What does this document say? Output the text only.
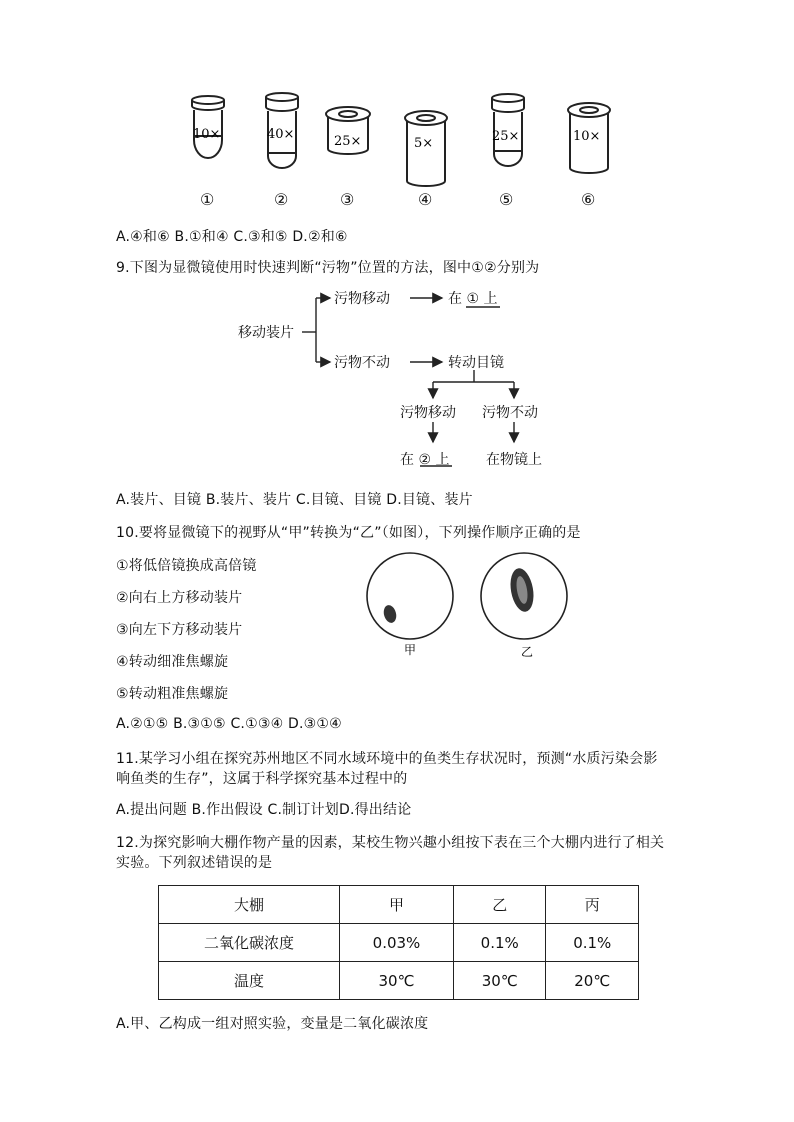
10×	40×	25×	5×	25×	10×
①	②	③	④	⑤	⑥
A.④和⑥ B.①和④ C.③和⑤ D.②和⑥
9.下图为显微镜使用时快速判断“污物”位置的方法，图中①②分别为
移动装片
污物移动	在 ① 上
污物不动	转动目镜
污物移动 污物不动
在 ② 上	在物镜上
A.装片、目镜 B.装片、装片 C.目镜、目镜 D.目镜、装片
10.要将显微镜下的视野从“甲”转换为“乙”（如图），下列操作顺序正确的是
①将低倍镜换成高倍镜
②向右上方移动装片
③向左下方移动装片
④转动细准焦螺旋
⑤转动粗准焦螺旋
甲	乙
A.②①⑤ B.③①⑤ C.①③④ D.③①④
11.某学习小组在探究苏州地区不同水域环境中的鱼类生存状况时，预测“水质污染会影
响鱼类的生存”，这属于科学探究基本过程中的
A.提出问题 B.作出假设 C.制订计划D.得出结论
12.为探究影响大棚作物产量的因素，某校生物兴趣小组按下表在三个大棚内进行了相关
实验。下列叙述错误的是
大棚	甲	乙	丙
二氧化碳浓度	0.03%	0.1%	0.1%
温度	30℃	30℃	20℃
A.甲、乙构成一组对照实验，变量是二氧化碳浓度
